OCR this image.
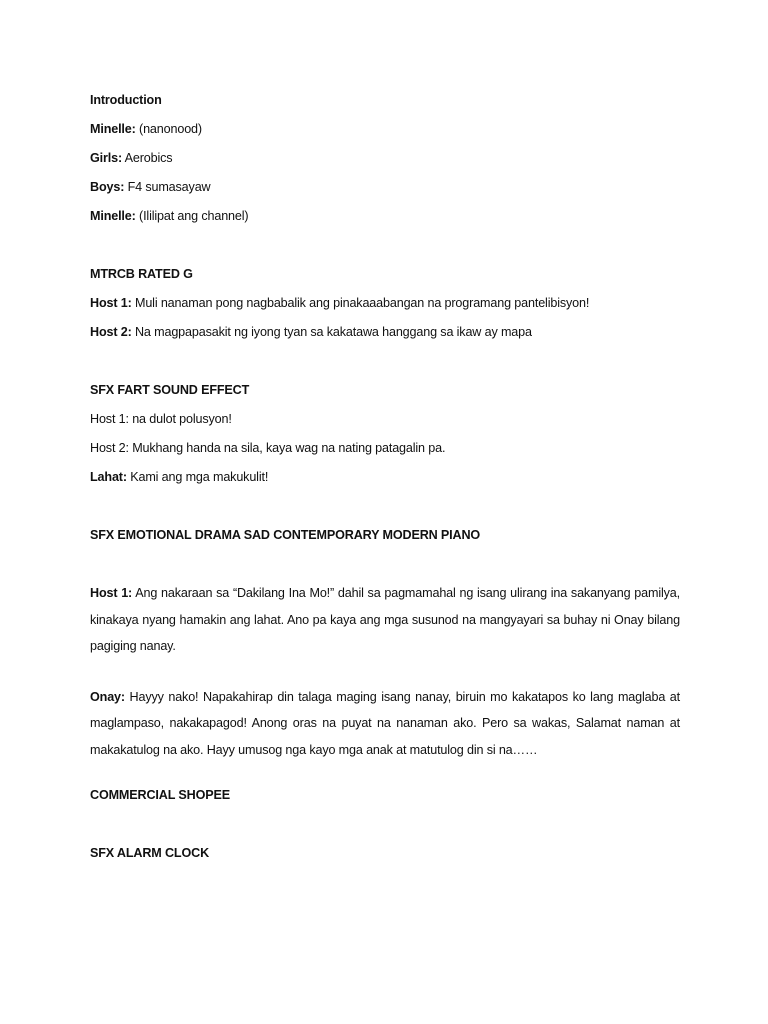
Introduction
Minelle: (nanonood)
Girls: Aerobics
Boys: F4 sumasayaw
Minelle: (Ililipat ang channel)
MTRCB RATED G
Host 1: Muli nanaman pong nagbabalik ang pinakaaabangan na programang pantelibisyon!
Host 2: Na magpapasakit ng iyong tyan sa kakatawa hanggang sa ikaw ay mapa
SFX FART SOUND EFFECT
Host 1: na dulot polusyon!
Host 2: Mukhang handa na sila, kaya wag na nating patagalin pa.
Lahat: Kami ang mga makukulit!
SFX EMOTIONAL DRAMA SAD CONTEMPORARY MODERN PIANO
Host 1: Ang nakaraan sa “Dakilang Ina Mo!” dahil sa pagmamahal ng isang ulirang ina sakanyang pamilya, kinakaya nyang hamakin ang lahat. Ano pa kaya ang mga susunod na mangyayari sa buhay ni Onay bilang pagiging nanay.
Onay: Hayyy nako! Napakahirap din talaga maging isang nanay, biruin mo kakatapos ko lang maglaba at maglampaso, nakakapagod! Anong oras na puyat na nanaman ako. Pero sa wakas, Salamat naman at makakatulog na ako. Hayy umusog nga kayo mga anak at matutulog din si na……
COMMERCIAL SHOPEE
SFX ALARM CLOCK
